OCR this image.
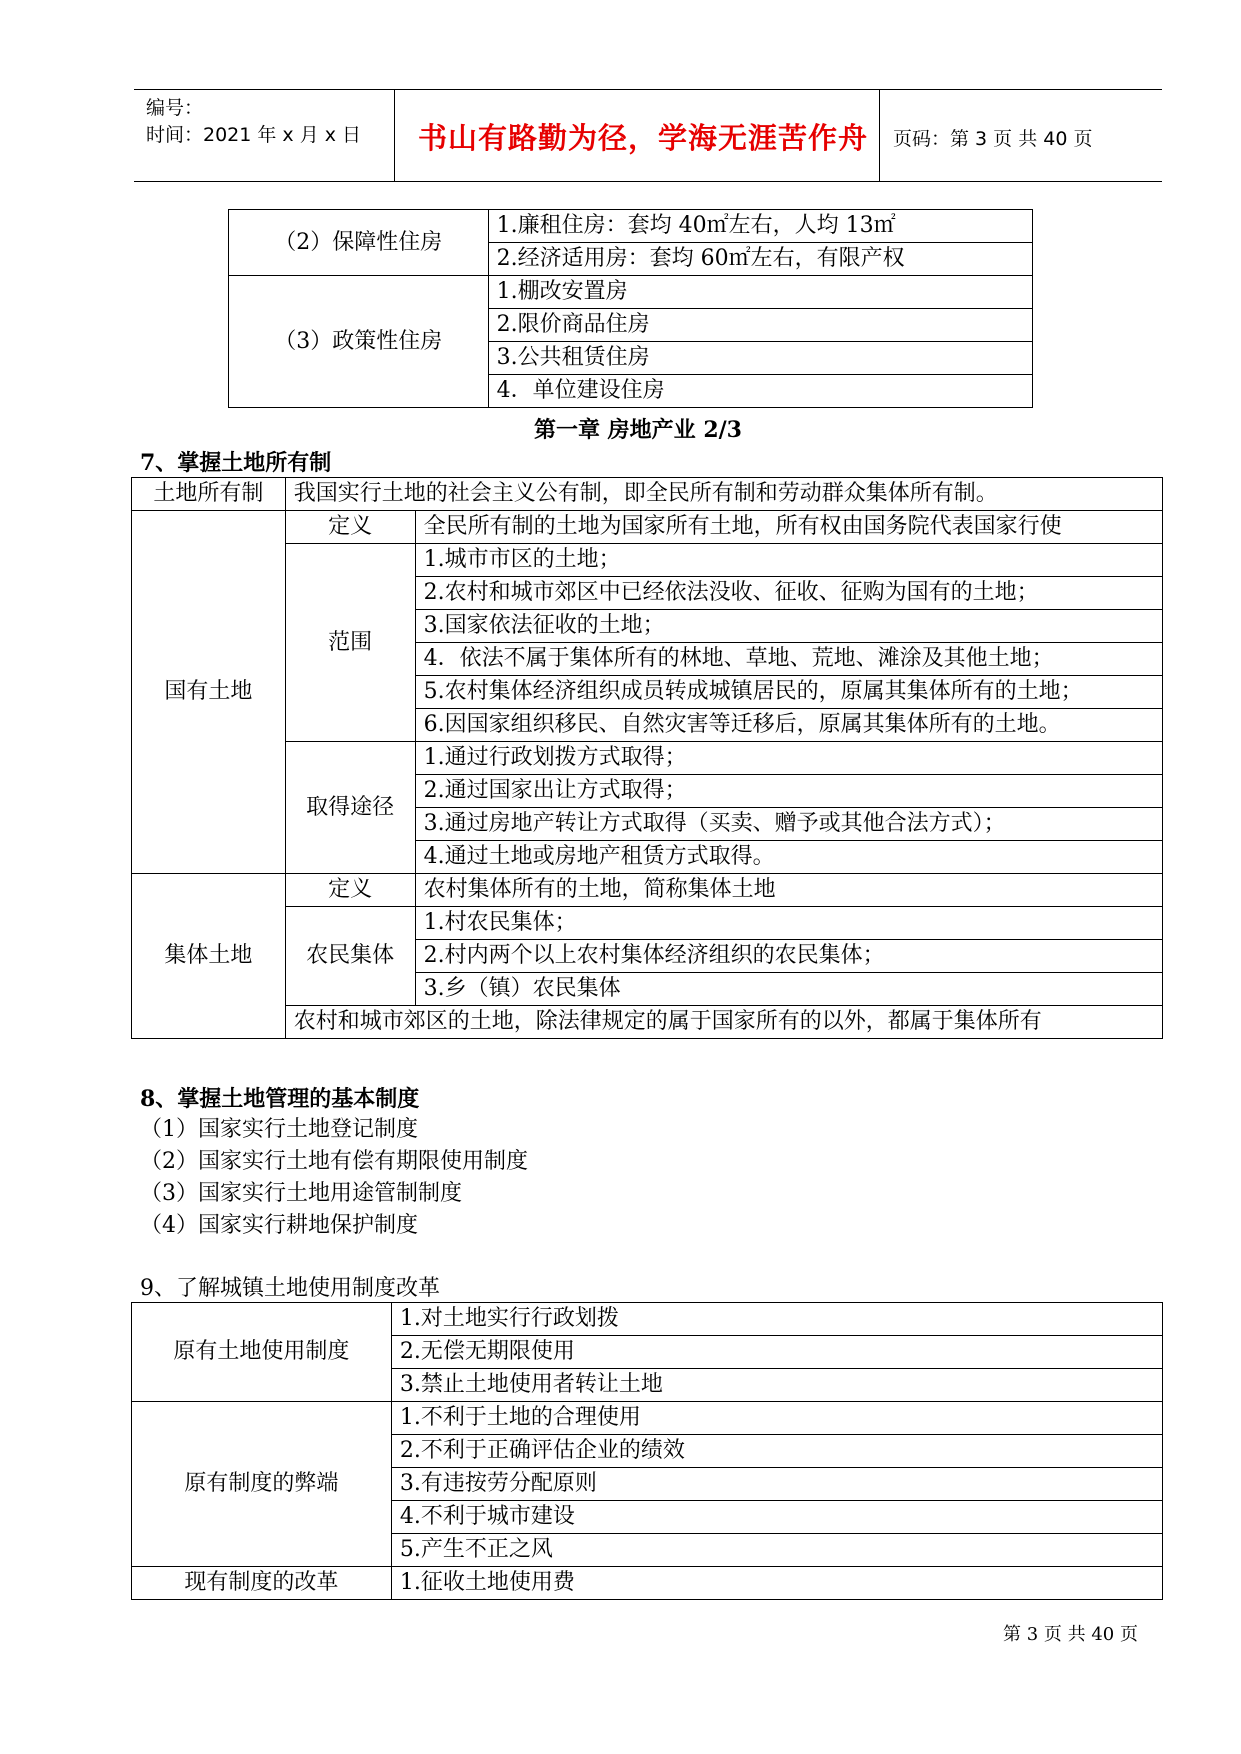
编号：
时间：2021 年 x 月 x 日 书山有路勤为径，学海无涯苦作舟 页码：第 3 页 共 40 页
（2）保障性住房	1.廉租住房：套均 40㎡左右，人均 13㎡
	2.经济适用房：套均 60㎡左右，有限产权
（3）政策性住房	1.棚改安置房
	2.限价商品住房
	3.公共租赁住房
	4．单位建设住房
第一章 房地产业 2/3
7、掌握土地所有制
土地所有制	我国实行土地的社会主义公有制，即全民所有制和劳动群众集体所有制。	
国有土地	定义	全民所有制的土地为国家所有土地，所有权由国务院代表国家行使
	范围	1.城市市区的土地；
		2.农村和城市郊区中已经依法没收、征收、征购为国有的土地；
		3.国家依法征收的土地；
		4．依法不属于集体所有的林地、草地、荒地、滩涂及其他土地；
		5.农村集体经济组织成员转成城镇居民的，原属其集体所有的土地；
		6.因国家组织移民、自然灾害等迁移后，原属其集体所有的土地。
	取得途径	1.通过行政划拨方式取得；
		2.通过国家出让方式取得；
		3.通过房地产转让方式取得（买卖、赠予或其他合法方式）；
		4.通过土地或房地产租赁方式取得。
集体土地	定义	农村集体所有的土地，简称集体土地
	农民集体	1.村农民集体；
		2.村内两个以上农村集体经济组织的农民集体；
		3.乡（镇）农民集体
	农村和城市郊区的土地，除法律规定的属于国家所有的以外，都属于集体所有	
8、掌握土地管理的基本制度
（1）国家实行土地登记制度
（2）国家实行土地有偿有期限使用制度
（3）国家实行土地用途管制制度
（4）国家实行耕地保护制度
9、了解城镇土地使用制度改革
原有土地使用制度	1.对土地实行行政划拨
	2.无偿无期限使用
	3.禁止土地使用者转让土地
原有制度的弊端	1.不利于土地的合理使用
	2.不利于正确评估企业的绩效
	3.有违按劳分配原则
	4.不利于城市建设
	5.产生不正之风
现有制度的改革	1.征收土地使用费
第 3 页 共 40 页
